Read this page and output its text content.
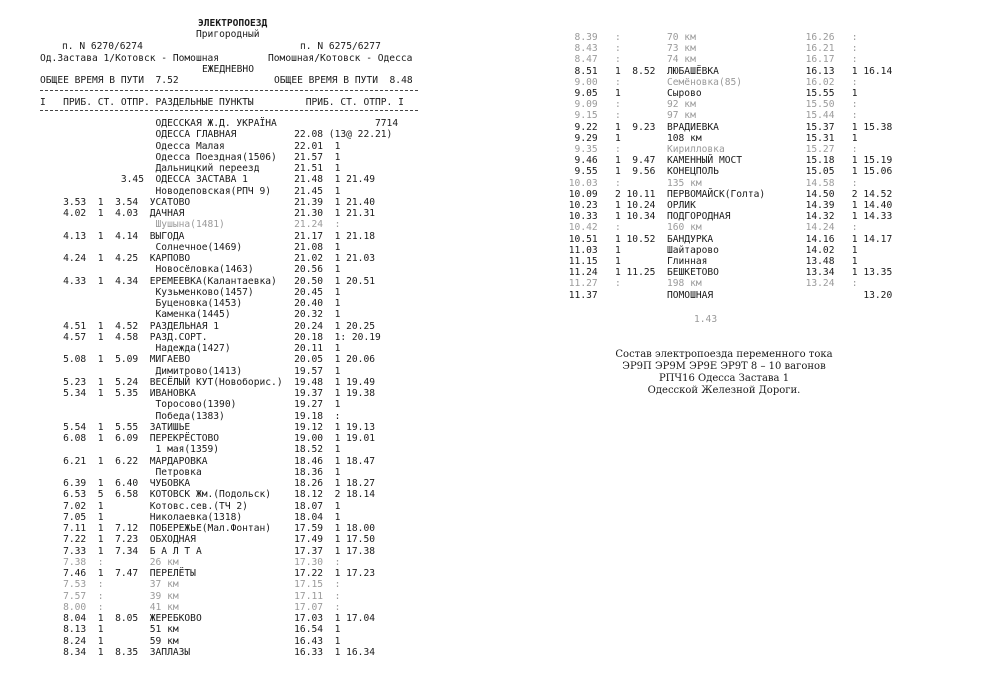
ЭЛЕКТРОПОЕЗД
Пригородный
п. N 6270/6274	п. N 6275/6277
Од.Застава 1/Котовск - Помошная	Помошная/Котовск - Одесса
ЕЖЕДНЕВНО
ОБЩЕЕ ВРЕМЯ В ПУТИ  7.52	ОБЩЕЕ ВРЕМЯ В ПУТИ  8.48
I   ПРИБ. СТ. ОТПР. РАЗДЕЛЬНЫЕ ПУНКТЫ         ПРИБ. СТ. ОТПР. I
ОДЕССКАЯ Ж.Д. УКРАЇНА                 7714
ОДЕССА ГЛАВНАЯ          22.08 (13@ 22.21)
Одесса Малая            22.01  1
Одесса Поездная(1506)   21.57  1
Дальницкий переезд      21.51  1
3.45  ОДЕССА ЗАСТАВА 1        21.48  1 21.49
Новодеповская(РПЧ 9)    21.45  1
3.53  1  3.54  УСАТОВО                  21.39  1 21.40
4.02  1  4.03  ДАЧНАЯ                   21.30  1 21.31
Шушына(1481)            21.24  :
4.13  1  4.14  ВЫГОДА                   21.17  1 21.18
Солнечное(1469)         21.08  1
4.24  1  4.25  КАРПОВО                  21.02  1 21.03
Новосёловка(1463)       20.56  1
4.33  1  4.34  ЕРЕМЕЕВКА(Калантаевка)   20.50  1 20.51
Кузьменково(1457)       20.45  1
Буценовка(1453)         20.40  1
Каменка(1445)           20.32  1
4.51  1  4.52  РАЗДЕЛЬНАЯ 1             20.24  1 20.25
4.57  1  4.58  РАЗД.СОРТ.               20.18  1: 20.19
Надежда(1427)           20.11  1
5.08  1  5.09  МИГАЕВО                  20.05  1 20.06
Димитрово(1413)         19.57  1
5.23  1  5.24  ВЕСЁЛЫЙ КУТ(Новоборис.)  19.48  1 19.49
5.34  1  5.35  ИВАНОВКА                 19.37  1 19.38
Торосово(1390)          19.27  1
Победа(1383)            19.18  :
5.54  1  5.55  ЗАТИШЬЕ                  19.12  1 19.13
6.08  1  6.09  ПЕРЕКРЁСТОВО             19.00  1 19.01
1 мая(1359)             18.52  1
6.21  1  6.22  МАРДАРОВКА               18.46  1 18.47
Петровка                18.36  1
6.39  1  6.40  ЧУБОВКА                  18.26  1 18.27
6.53  5  6.58  КОТОВСК Жм.(Подольск)    18.12  2 18.14
7.02  1        Котовс.сев.(ТЧ 2)        18.07  1
7.05  1        Николаевка(1318)         18.04  1
7.11  1  7.12  ПОБЕРЕЖЬЕ(Мал.Фонтан)    17.59  1 18.00
7.22  1  7.23  ОБХОДНАЯ                 17.49  1 17.50
7.33  1  7.34  Б А Л Т А                17.37  1 17.38
7.38  :        26 км                    17.30  :
7.46  1  7.47  ПЕРЕЛЁТЫ                 17.22  1 17.23
7.53  :        37 км                    17.15  :
7.57  :        39 км                    17.11  :
8.00  :        41 км                    17.07  :
8.04  1  8.05  ЖЕРЕБКОВО                17.03  1 17.04
8.13  1        51 км                    16.54  1
8.24  1        59 км                    16.43  1
8.34  1  8.35  ЗАПЛАЗЫ                  16.33  1 16.34
8.39   :        70 км                   16.26   :
8.43   :        73 км                   16.21   :
8.47   :        74 км                   16.17   :
8.51   1  8.52  ЛЮБАШЁВКА               16.13   1 16.14
9.00   :        Семёновка(85)           16.02   :
9.05   1        Сырово                  15.55   1
9.09   :        92 км                   15.50   :
9.15   :        97 км                   15.44   :
9.22   1  9.23  ВРАДИЕВКА               15.37   1 15.38
9.29   1        108 км                  15.31   1
9.35   :        Кирилловка              15.27   :
9.46   1  9.47  КАМЕННЫЙ МОСТ           15.18   1 15.19
9.55   1  9.56  КОНЕЦПОЛЬ               15.05   1 15.06
10.03   :        135 км                  14.58   :
10.09   2 10.11  ПЕРВОМАЙСК(Голта)       14.50   2 14.52
10.23   1 10.24  ОРЛИК                   14.39   1 14.40
10.33   1 10.34  ПОДГОРОДНАЯ             14.32   1 14.33
10.42   :        160 км                  14.24   :
10.51   1 10.52  БАНДУРКА                14.16   1 14.17
11.03   1        Шайтарово               14.02   1
11.15   1        Глинная                 13.48   1
11.24   1 11.25  БЕШКЕТОВО               13.34   1 13.35
11.27   :        198 км                  13.24   :
11.37            ПОМОШНАЯ                          13.20
1.43
Состав электропоезда переменного тока
ЭР9П ЭР9М ЭР9Е ЭР9Т 8 – 10 вагонов
РПЧ16 Одесса Застава 1
Одесской Железной Дороги.
